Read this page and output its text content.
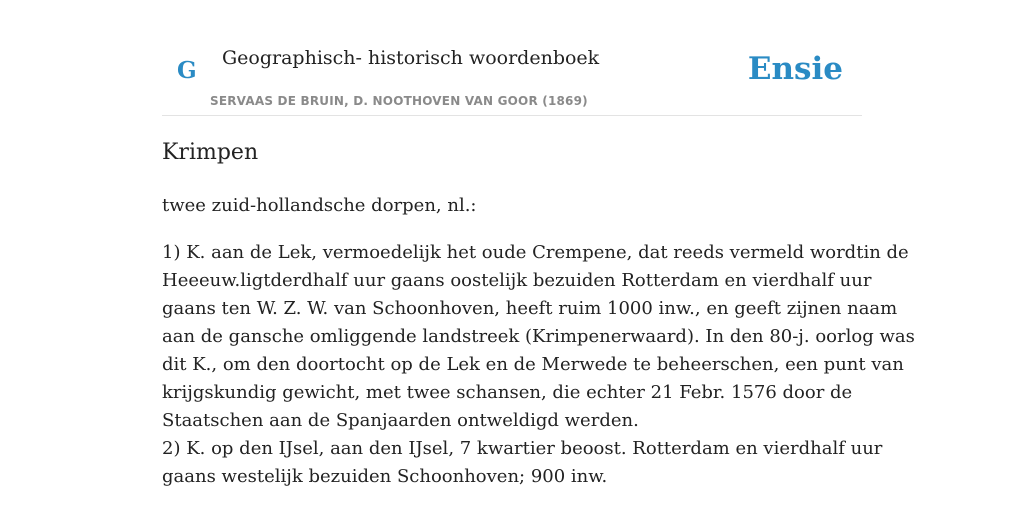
G Geographisch- historisch woordenboek
SERVAAS DE BRUIN, D. NOOTHOVEN VAN GOOR (1869)
Ensie
Krimpen

twee zuid-hollandsche dorpen, nl.:

1) K. aan de Lek, vermoedelijk het oude Crempene, dat reeds vermeld wordtin de
Heeeuw.ligtderdhalf uur gaans oostelijk bezuiden Rotterdam en vierdhalf uur
gaans ten W. Z. W. van Schoonhoven, heeft ruim 1000 inw., en geeft zijnen naam
aan de gansche omliggende landstreek (Krimpenerwaard). In den 80-j. oorlog was
dit K., om den doortocht op de Lek en de Merwede te beheerschen, een punt van
krijgskundig gewicht, met twee schansen, die echter 21 Febr. 1576 door de
Staatschen aan de Spanjaarden ontweldigd werden.
2) K. op den IJsel, aan den IJsel, 7 kwartier beoost. Rotterdam en vierdhalf uur
gaans westelijk bezuiden Schoonhoven; 900 inw.
